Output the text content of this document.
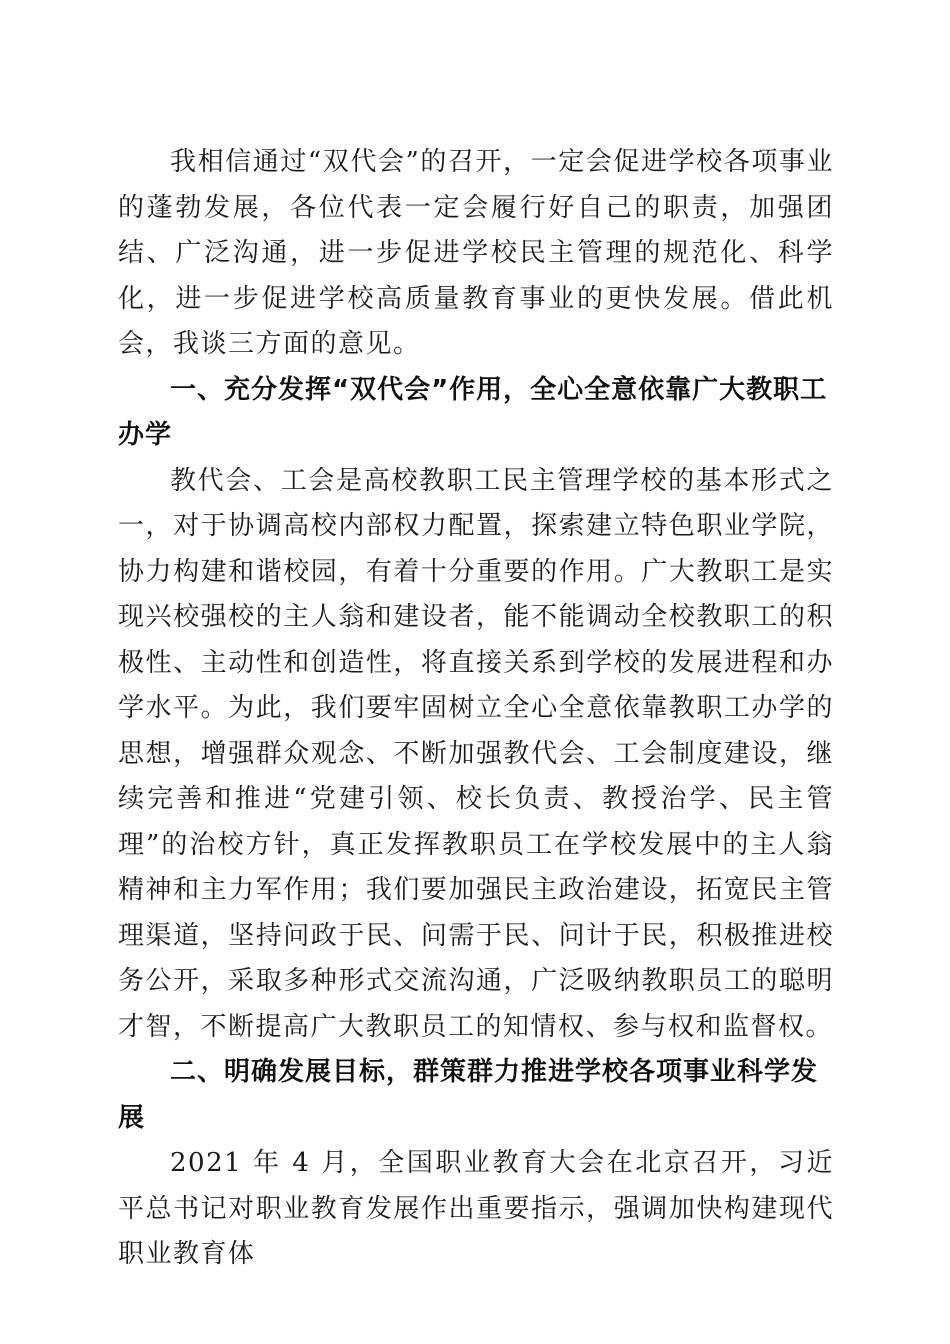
我相信通过“双代会”的召开，一定会促进学校各项事业的蓬勃发展，各位代表一定会履行好自己的职责，加强团结、广泛沟通，进一步促进学校民主管理的规范化、科学化，进一步促进学校高质量教育事业的更快发展。借此机会，我谈三方面的意见。

一、充分发挥“双代会”作用，全心全意依靠广大教职工办学

教代会、工会是高校教职工民主管理学校的基本形式之一，对于协调高校内部权力配置，探索建立特色职业学院，协力构建和谐校园，有着十分重要的作用。广大教职工是实现兴校强校的主人翁和建设者，能不能调动全校教职工的积极性、主动性和创造性，将直接关系到学校的发展进程和办学水平。为此，我们要牢固树立全心全意依靠教职工办学的思想，增强群众观念、不断加强教代会、工会制度建设，继续完善和推进“党建引领、校长负责、教授治学、民主管理”的治校方针，真正发挥教职员工在学校发展中的主人翁精神和主力军作用；我们要加强民主政治建设，拓宽民主管理渠道，坚持问政于民、问需于民、问计于民，积极推进校务公开，采取多种形式交流沟通，广泛吸纳教职员工的聪明才智，不断提高广大教职员工的知情权、参与权和监督权。

二、明确发展目标，群策群力推进学校各项事业科学发展

2021 年 4 月，全国职业教育大会在北京召开，习近平总书记对职业教育发展作出重要指示，强调加快构建现代职业教育体
